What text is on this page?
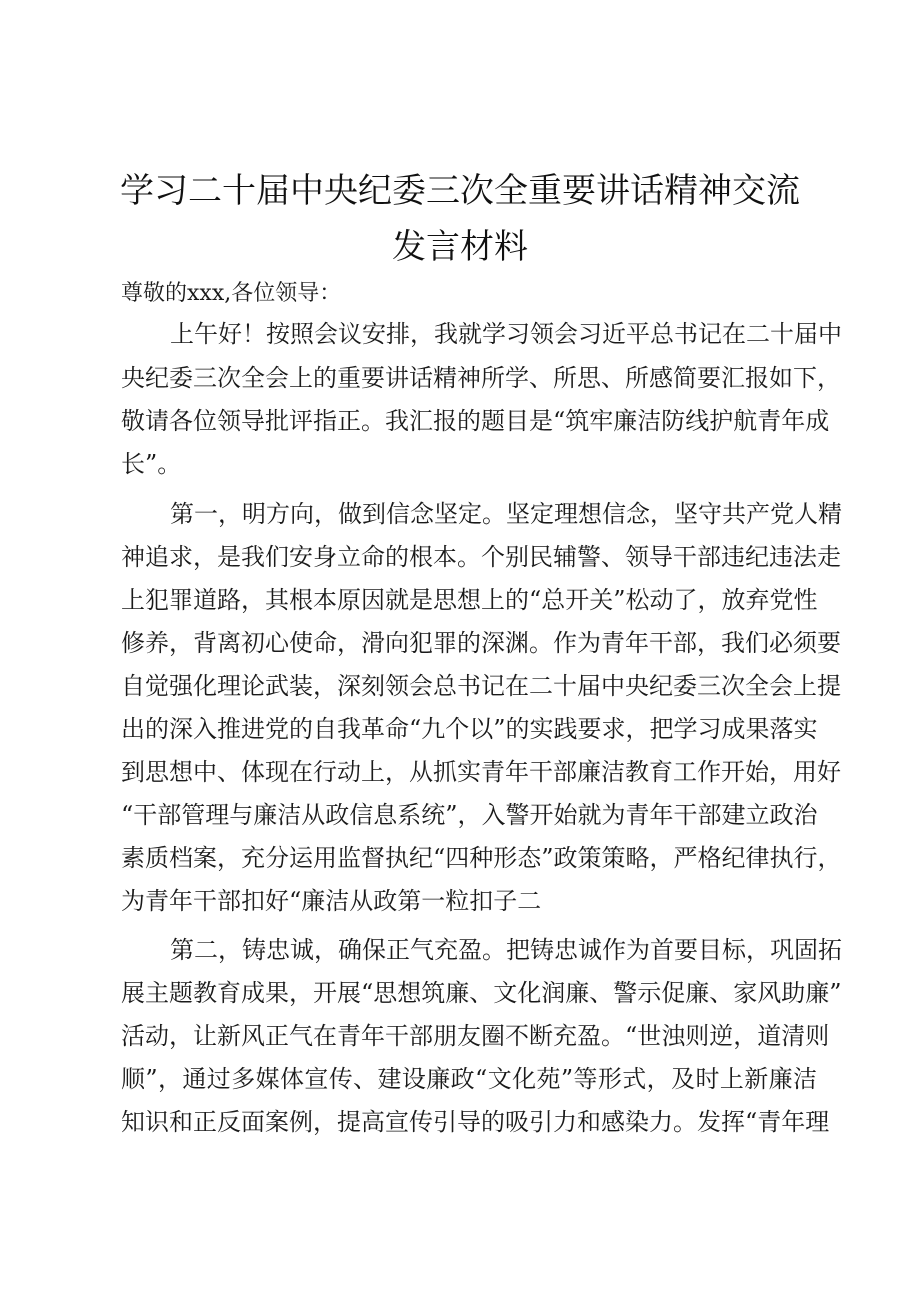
学习二十届中央纪委三次全重要讲话精神交流
发言材料
尊敬的xxx,各位领导：
上午好！按照会议安排，我就学习领会习近平总书记在二十届中
央纪委三次全会上的重要讲话精神所学、所思、所感简要汇报如下，
敬请各位领导批评指正。我汇报的题目是“筑牢廉洁防线护航青年成
长”。
第一，明方向，做到信念坚定。坚定理想信念，坚守共产党人精
神追求，是我们安身立命的根本。个别民辅警、领导干部违纪违法走
上犯罪道路，其根本原因就是思想上的“总开关”松动了，放弃党性
修养，背离初心使命，滑向犯罪的深渊。作为青年干部，我们必须要
自觉强化理论武装，深刻领会总书记在二十届中央纪委三次全会上提
出的深入推进党的自我革命“九个以”的实践要求，把学习成果落实
到思想中、体现在行动上，从抓实青年干部廉洁教育工作开始，用好
“干部管理与廉洁从政信息系统”，入警开始就为青年干部建立政治
素质档案，充分运用监督执纪“四种形态”政策策略，严格纪律执行，
为青年干部扣好“廉洁从政第一粒扣子二
第二，铸忠诚，确保正气充盈。把铸忠诚作为首要目标，巩固拓
展主题教育成果，开展“思想筑廉、文化润廉、警示促廉、家风助廉”
活动，让新风正气在青年干部朋友圈不断充盈。“世浊则逆，道清则
顺”，通过多媒体宣传、建设廉政“文化苑”等形式，及时上新廉洁
知识和正反面案例，提高宣传引导的吸引力和感染力。发挥“青年理
